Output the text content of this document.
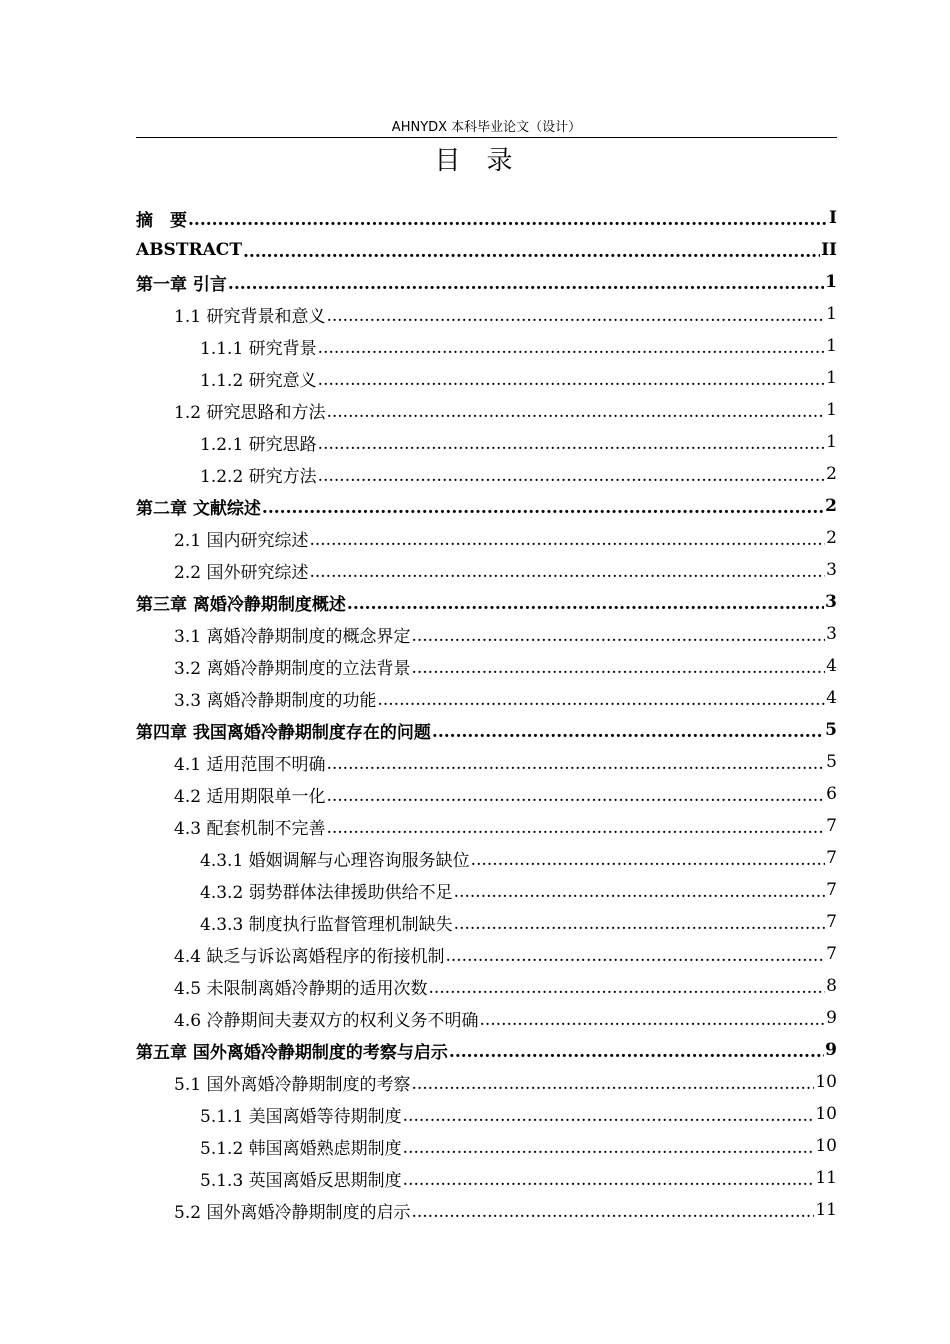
AHNYDX 本科毕业论文（设计）
目录
摘　要 .....	I
ABSTRACT .....	II
第一章 引言 .....	1
1.1 研究背景和意义 .....	1
1.1.1 研究背景 .....	1
1.1.2 研究意义 .....	1
1.2 研究思路和方法 .....	1
1.2.1 研究思路 .....	1
1.2.2 研究方法 .....	2
第二章 文献综述 .....	2
2.1 国内研究综述 .....	2
2.2 国外研究综述 .....	3
第三章 离婚冷静期制度概述 .....	3
3.1 离婚冷静期制度的概念界定 .....	3
3.2 离婚冷静期制度的立法背景 .....	4
3.3 离婚冷静期制度的功能 .....	4
第四章 我国离婚冷静期制度存在的问题 .....	5
4.1 适用范围不明确 .....	5
4.2 适用期限单一化 .....	6
4.3 配套机制不完善 .....	7
4.3.1 婚姻调解与心理咨询服务缺位 .....	7
4.3.2 弱势群体法律援助供给不足 .....	7
4.3.3 制度执行监督管理机制缺失 .....	7
4.4 缺乏与诉讼离婚程序的衔接机制 .....	7
4.5 未限制离婚冷静期的适用次数 .....	8
4.6 冷静期间夫妻双方的权利义务不明确 .....	9
第五章 国外离婚冷静期制度的考察与启示 .....	9
5.1 国外离婚冷静期制度的考察 .....	10
5.1.1 美国离婚等待期制度 .....	10
5.1.2 韩国离婚熟虑期制度 .....	10
5.1.3 英国离婚反思期制度 .....	11
5.2 国外离婚冷静期制度的启示 .....	11
